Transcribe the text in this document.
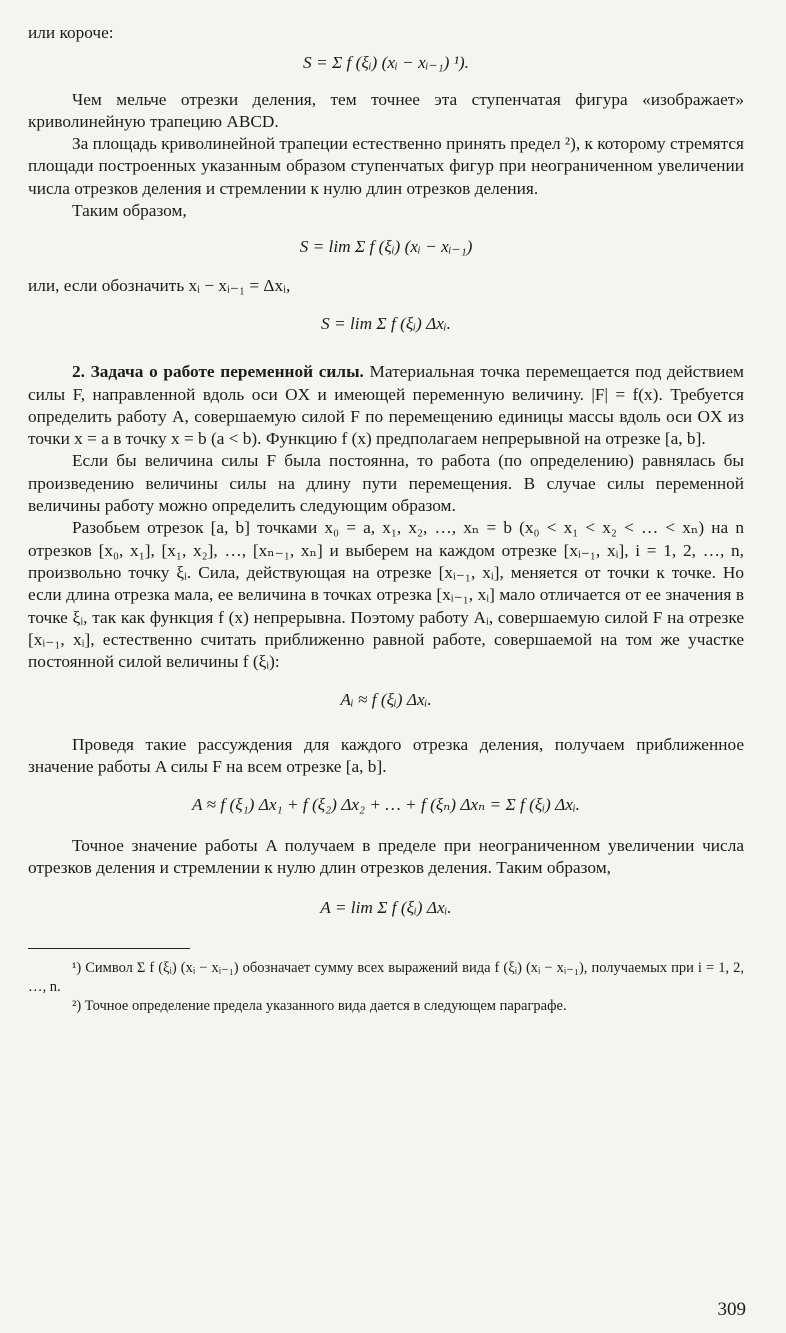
или короче:

S = Σ f (ξᵢ) (xᵢ − xᵢ₋₁) ¹).

Чем мельче отрезки деления, тем точнее эта ступенчатая фигура «изображает» криволинейную трапецию ABCD.

За площадь криволинейной трапеции естественно принять предел ²), к которому стремятся площади построенных указанным образом ступенчатых фигур при неограниченном увеличении числа отрезков деления и стремлении к нулю длин отрезков деления.

Таким образом,

S = lim Σ f (ξᵢ) (xᵢ − xᵢ₋₁)

или, если обозначить xᵢ − xᵢ₋₁ = Δxᵢ,

S = lim Σ f (ξᵢ) Δxᵢ.

2. Задача о работе переменной силы. Материальная точка перемещается под действием силы F, направленной вдоль оси OX и имеющей переменную величину. |F| = f(x). Требуется определить работу A, совершаемую силой F по перемещению единицы массы вдоль оси OX из точки x = a в точку x = b (a < b). Функцию f (x) предполагаем непрерывной на отрезке [a, b].

Если бы величина силы F была постоянна, то работа (по определению) равнялась бы произведению величины силы на длину пути перемещения. В случае силы переменной величины работу можно определить следующим образом.

Разобьем отрезок [a, b] точками x₀ = a, x₁, x₂, …, xₙ = b (x₀ < x₁ < x₂ < … < xₙ) на n отрезков [x₀, x₁], [x₁, x₂], …, [xₙ₋₁, xₙ] и выберем на каждом отрезке [xᵢ₋₁, xᵢ], i = 1, 2, …, n, произвольно точку ξᵢ. Сила, действующая на отрезке [xᵢ₋₁, xᵢ], меняется от точки к точке. Но если длина отрезка мала, ее величина в точках отрезка [xᵢ₋₁, xᵢ] мало отличается от ее значения в точке ξᵢ, так как функция f (x) непрерывна. Поэтому работу Aᵢ, совершаемую силой F на отрезке [xᵢ₋₁, xᵢ], естественно считать приближенно равной работе, совершаемой на том же участке постоянной силой величины f (ξᵢ):

Aᵢ ≈ f (ξᵢ) Δxᵢ.

Проведя такие рассуждения для каждого отрезка деления, получаем приближенное значение работы A силы F на всем отрезке [a, b].

A ≈ f (ξ₁) Δx₁ + f (ξ₂) Δx₂ + … + f (ξₙ) Δxₙ = Σ f (ξᵢ) Δxᵢ.

Точное значение работы A получаем в пределе при неограниченном увеличении числа отрезков деления и стремлении к нулю длин отрезков деления. Таким образом,

A = lim Σ f (ξᵢ) Δxᵢ.

¹) Символ Σ f (ξᵢ) (xᵢ − xᵢ₋₁) обозначает сумму всех выражений вида f (ξᵢ) (xᵢ − xᵢ₋₁), получаемых при i = 1, 2, …, n.

²) Точное определение предела указанного вида дается в следующем параграфе.

309
